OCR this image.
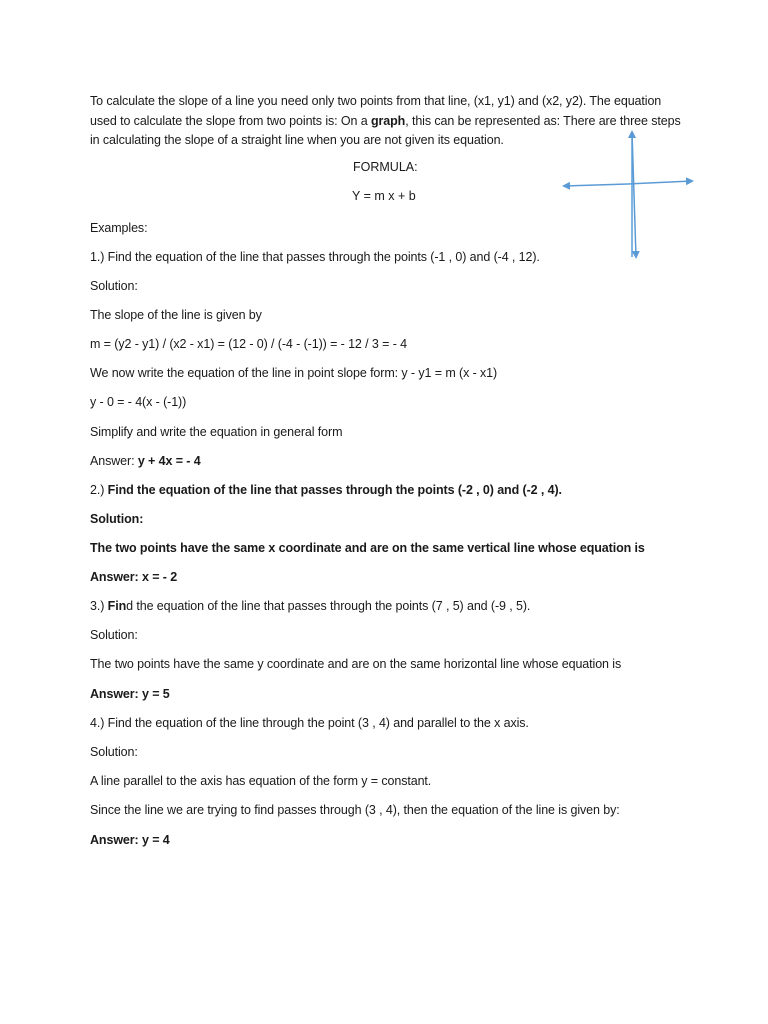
To calculate the slope of a line you need only two points from that line, (x1, y1) and (x2, y2). The equation used to calculate the slope from two points is: On a graph, this can be represented as: There are three steps in calculating the slope of a straight line when you are not given its equation.
FORMULA:
Y = m x + b
Examples:
1.) Find the equation of the line that passes through the points (-1 , 0) and (-4 , 12).
Solution:
The slope of the line is given by
m = (y2 - y1) / (x2 - x1) = (12 - 0) / (-4 - (-1)) = - 12 / 3 = - 4
We now write the equation of the line in point slope form: y - y1 = m (x - x1)
y - 0 = - 4(x - (-1))
Simplify and write the equation in general form
Answer: y + 4x = - 4
2.) Find the equation of the line that passes through the points (-2 , 0) and (-2 , 4).
Solution:
The two points have the same x coordinate and are on the same vertical line whose equation is
Answer: x = - 2
3.) Find the equation of the line that passes through the points (7 , 5) and (-9 , 5).
Solution:
The two points have the same y coordinate and are on the same horizontal line whose equation is
Answer: y = 5
4.) Find the equation of the line through the point (3 , 4) and parallel to the x axis.
Solution:
A line parallel to the axis has equation of the form y = constant.
Since the line we are trying to find passes through (3 , 4), then the equation of the line is given by:
Answer: y = 4
